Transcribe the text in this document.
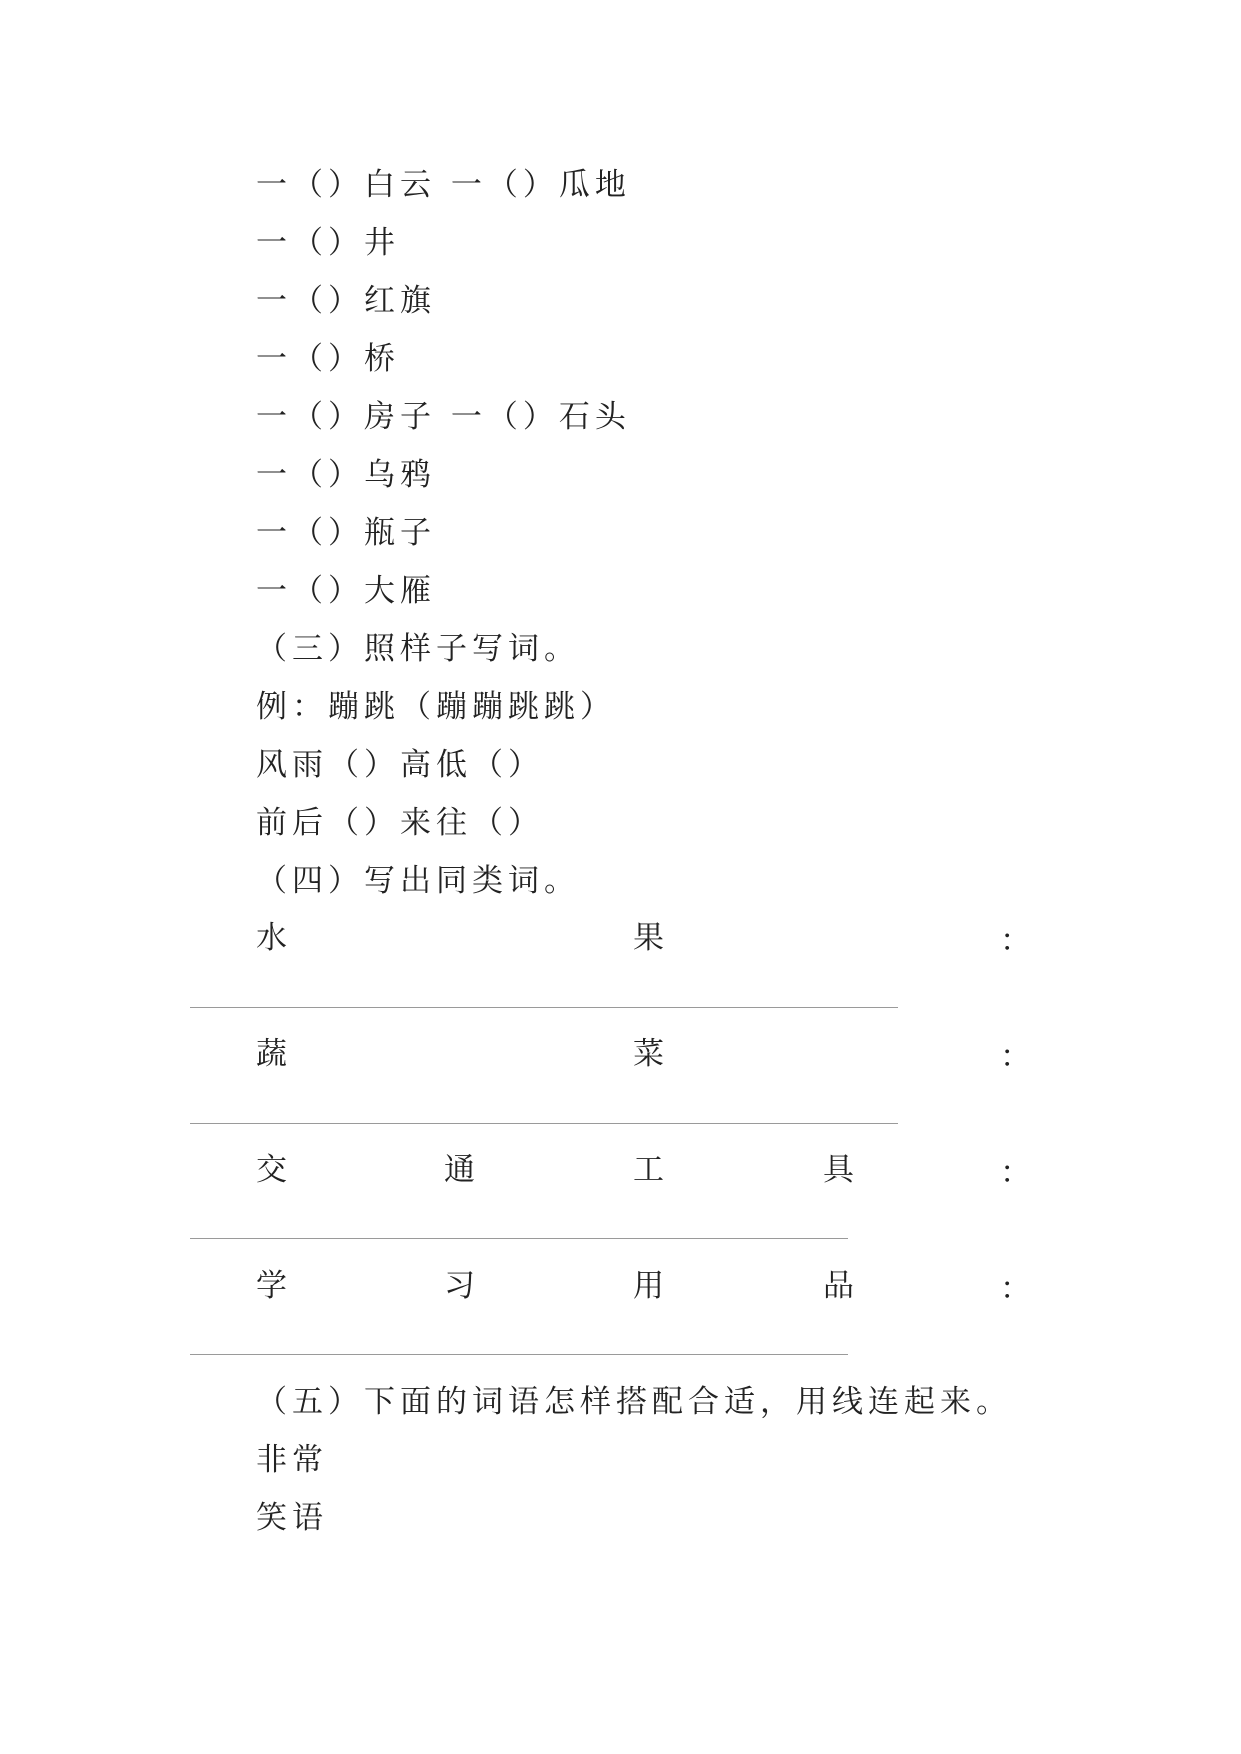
一（）白云 一（）瓜地
一（）井
一（）红旗
一（）桥
一（）房子 一（）石头
一（）乌鸦
一（）瓶子
一（）大雁
（三）照样子写词。
例：蹦跳（蹦蹦跳跳）
风雨（）高低（）
前后（）来往（）
（四）写出同类词。
水	果	：
蔬	菜	：
交	通	工	具	：
学	习	用	品	：
（五）下面的词语怎样搭配合适，用线连起来。
非常
笑语
